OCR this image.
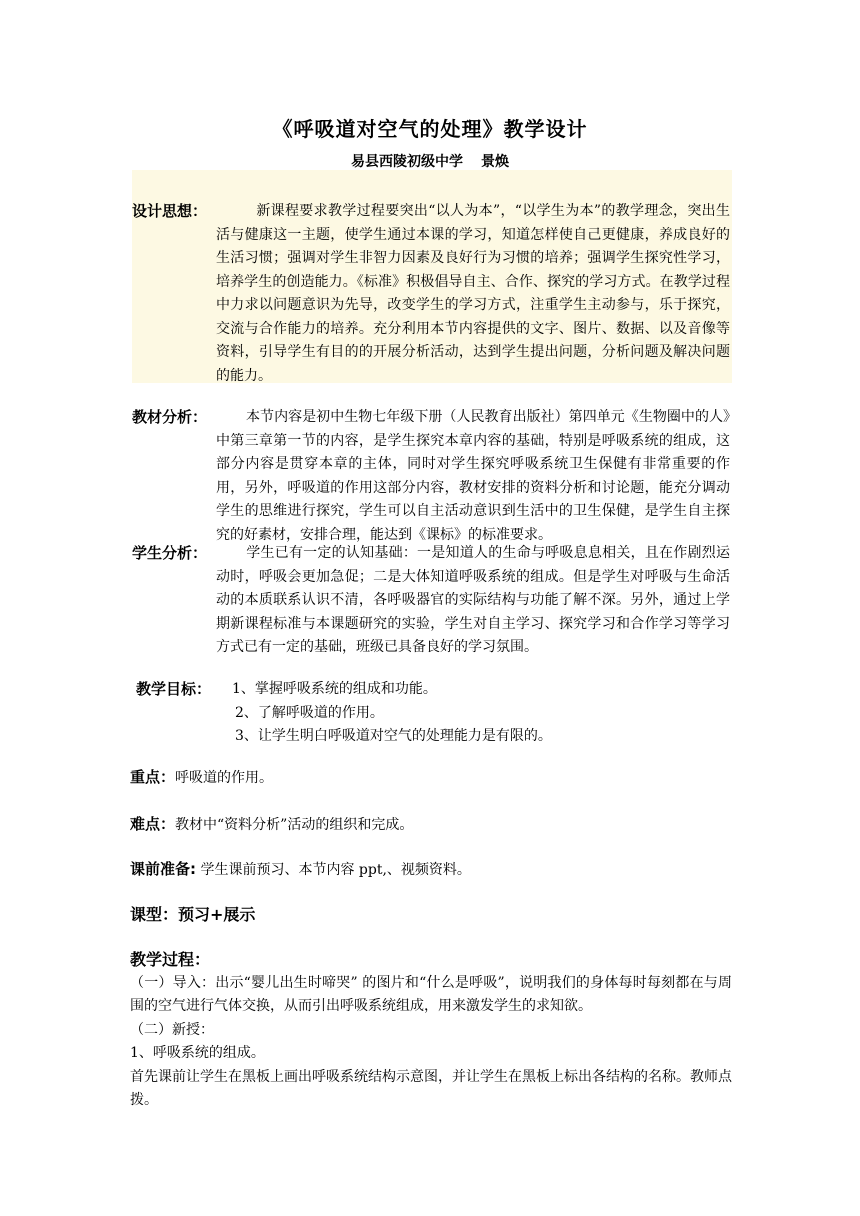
《呼吸道对空气的处理》教学设计
易县西陵初级中学 景焕
设计思想：	新课程要求教学过程要突出“以人为本”，“以学生为本”的教学理念，突出生活与健康这一主题，使学生通过本课的学习，知道怎样使自己更健康，养成良好的生活习惯；强调对学生非智力因素及良好行为习惯的培养；强调学生探究性学习，培养学生的创造能力。《标准》积极倡导自主、合作、探究的学习方式。在教学过程中力求以问题意识为先导，改变学生的学习方式，注重学生主动参与，乐于探究，交流与合作能力的培养。充分利用本节内容提供的文字、图片、数据、以及音像等资料，引导学生有目的的开展分析活动，达到学生提出问题，分析问题及解决问题的能力。
教材分析：	本节内容是初中生物七年级下册（人民教育出版社）第四单元《生物圈中的人》中第三章第一节的内容，是学生探究本章内容的基础，特别是呼吸系统的组成，这部分内容是贯穿本章的主体，同时对学生探究呼吸系统卫生保健有非常重要的作用，另外，呼吸道的作用这部分内容，教材安排的资料分析和讨论题，能充分调动学生的思维进行探究，学生可以自主活动意识到生活中的卫生保健，是学生自主探究的好素材，安排合理，能达到《课标》的标准要求。
学生分析：	学生已有一定的认知基础：一是知道人的生命与呼吸息息相关，且在作剧烈运动时，呼吸会更加急促；二是大体知道呼吸系统的组成。但是学生对呼吸与生命活动的本质联系认识不清，各呼吸器官的实际结构与功能了解不深。另外，通过上学期新课程标准与本课题研究的实验，学生对自主学习、探究学习和合作学习等学习方式已有一定的基础，班级已具备良好的学习氛围。
教学目标： 1、掌握呼吸系统的组成和功能。
2、了解呼吸道的作用。
3、让学生明白呼吸道对空气的处理能力是有限的。
重点：呼吸道的作用。
难点：教材中“资料分析”活动的组织和完成。
课前准备: 学生课前预习、本节内容 ppt,、视频资料。
课型：预习+展示
教学过程：
（一）导入：出示“婴儿出生时啼哭” 的图片和“什么是呼吸”，说明我们的身体每时每刻都在与周围的空气进行气体交换，从而引出呼吸系统组成，用来激发学生的求知欲。
（二）新授：
1、呼吸系统的组成。
首先课前让学生在黑板上画出呼吸系统结构示意图，并让学生在黑板上标出各结构的名称。教师点拨。
